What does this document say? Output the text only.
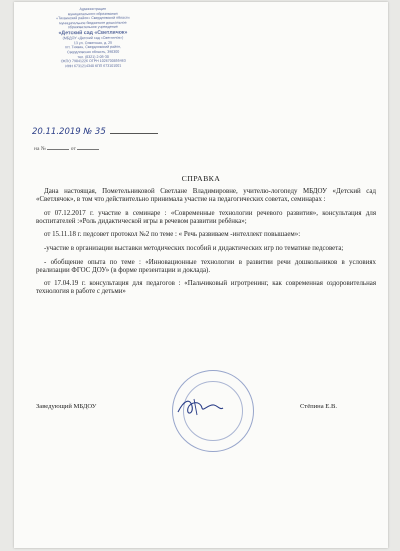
Администрация
муниципального образования
«Тихвинский район» Свердловской области
муниципальное бюджетное дошкольное
образовательное учреждение
«Детский сад «Светлячок»
(МБДОУ «Детский сад «Светлячок»)
13 ул. Советская, д. 25
пгт. Тихвин, Свердловский район,
Свердловская область, 398300
тел. (8321) 2-05-30
ОКПО 79841226 ОГРН 1026700855463
ИНН 6731214340 КПП 673101001
20.11.2019 № 35
на №	от
СПРАВКА

Дана настоящая, Пометельниковой Светлане Владимировне, учителю-логопеду МБДОУ «Детский сад «Светлячок», в том что действительно принимала участие на педагогических советах, семинарах :

от 07.12.2017 г. участие в семинаре : «Современные технологии речевого развития», консультация для воспитателей :«Роль дидактической игры в речевом развитии ребёнка»;

от 15.11.18 г. педсовет протокол №2 по теме : « Речь развиваем -интеллект повышаем»:

-участие в организации выставки методических пособий и дидактических игр по тематике педсовета;

- обобщение опыта по теме : «Инновационные технологии в развитии речи дошкольников в условиях реализации ФГОС ДОУ» (в форме презентации и доклада).

от 17.04.19 г. консультация для педагогов : «Пальчиковый игротренинг, как современная оздоровительная технология в работе с детьми»

Заведующий МБДОУ	Стёпина Е.В.
